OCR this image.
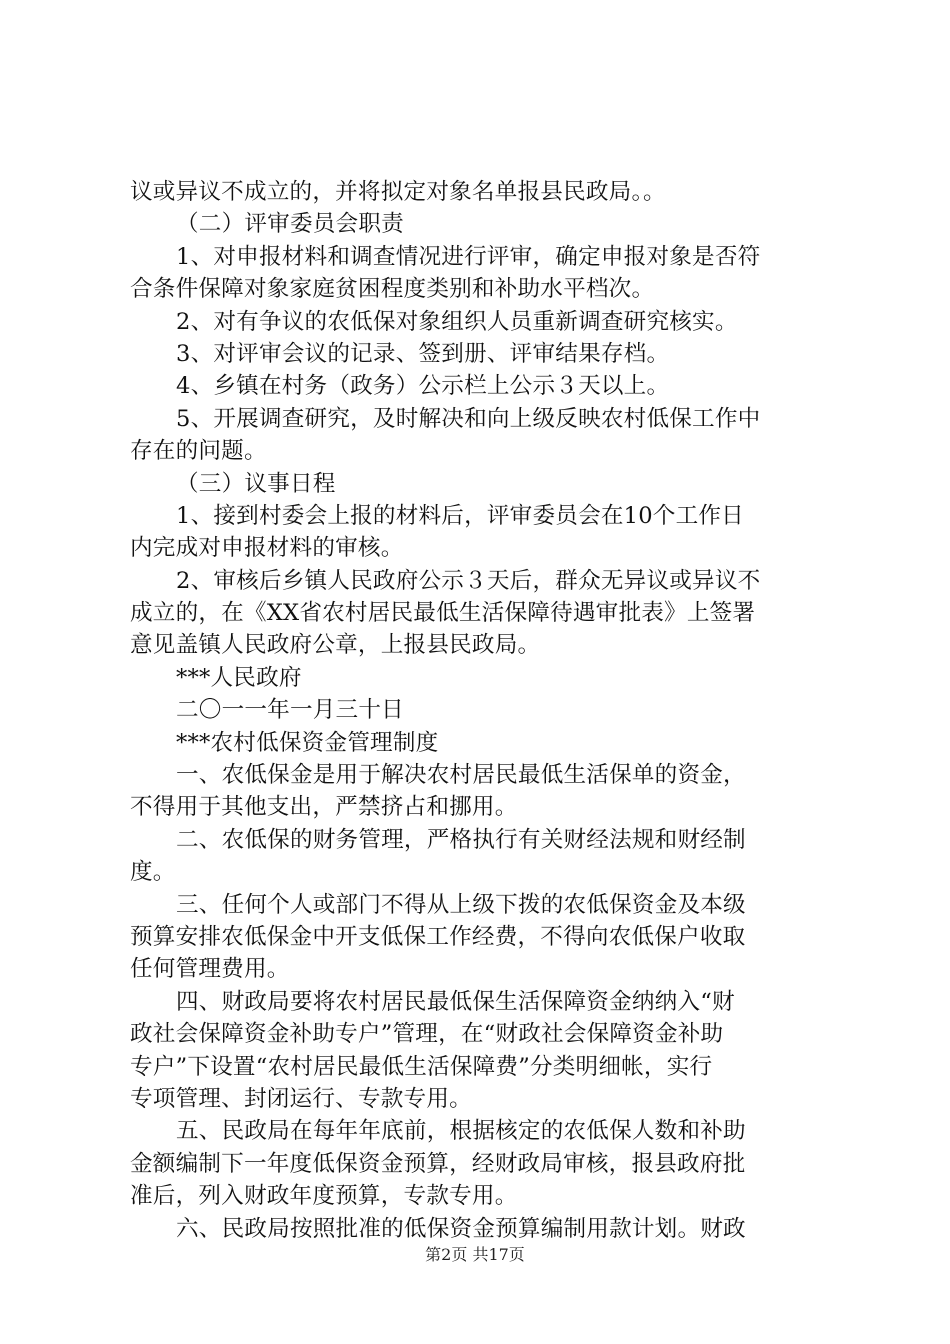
议或异议不成立的，并将拟定对象名单报县民政局。。
（二）评审委员会职责
1、对申报材料和调查情况进行评审，确定申报对象是否符
合条件保障对象家庭贫困程度类别和补助水平档次。
2、对有争议的农低保对象组织人员重新调查研究核实。
3、对评审会议的记录、签到册、评审结果存档。
4、乡镇在村务（政务）公示栏上公示３天以上。
5、开展调查研究，及时解决和向上级反映农村低保工作中
存在的问题。
（三）议事日程
1、接到村委会上报的材料后，评审委员会在10个工作日
内完成对申报材料的审核。
2、审核后乡镇人民政府公示３天后，群众无异议或异议不
成立的，在《XX省农村居民最低生活保障待遇审批表》上签署
意见盖镇人民政府公章，上报县民政局。
***人民政府
二〇一一年一月三十日
***农村低保资金管理制度
一、农低保金是用于解决农村居民最低生活保单的资金，
不得用于其他支出，严禁挤占和挪用。
二、农低保的财务管理，严格执行有关财经法规和财经制
度。
三、任何个人或部门不得从上级下拨的农低保资金及本级
预算安排农低保金中开支低保工作经费，不得向农低保户收取
任何管理费用。
四、财政局要将农村居民最低保生活保障资金纳纳入“财
政社会保障资金补助专户”管理，在“财政社会保障资金补助
专户”下设置“农村居民最低生活保障费”分类明细帐，实行
专项管理、封闭运行、专款专用。
五、民政局在每年年底前，根据核定的农低保人数和补助
金额编制下一年度低保资金预算，经财政局审核，报县政府批
准后，列入财政年度预算，专款专用。
六、民政局按照批准的低保资金预算编制用款计划。财政
第2页 共17页
